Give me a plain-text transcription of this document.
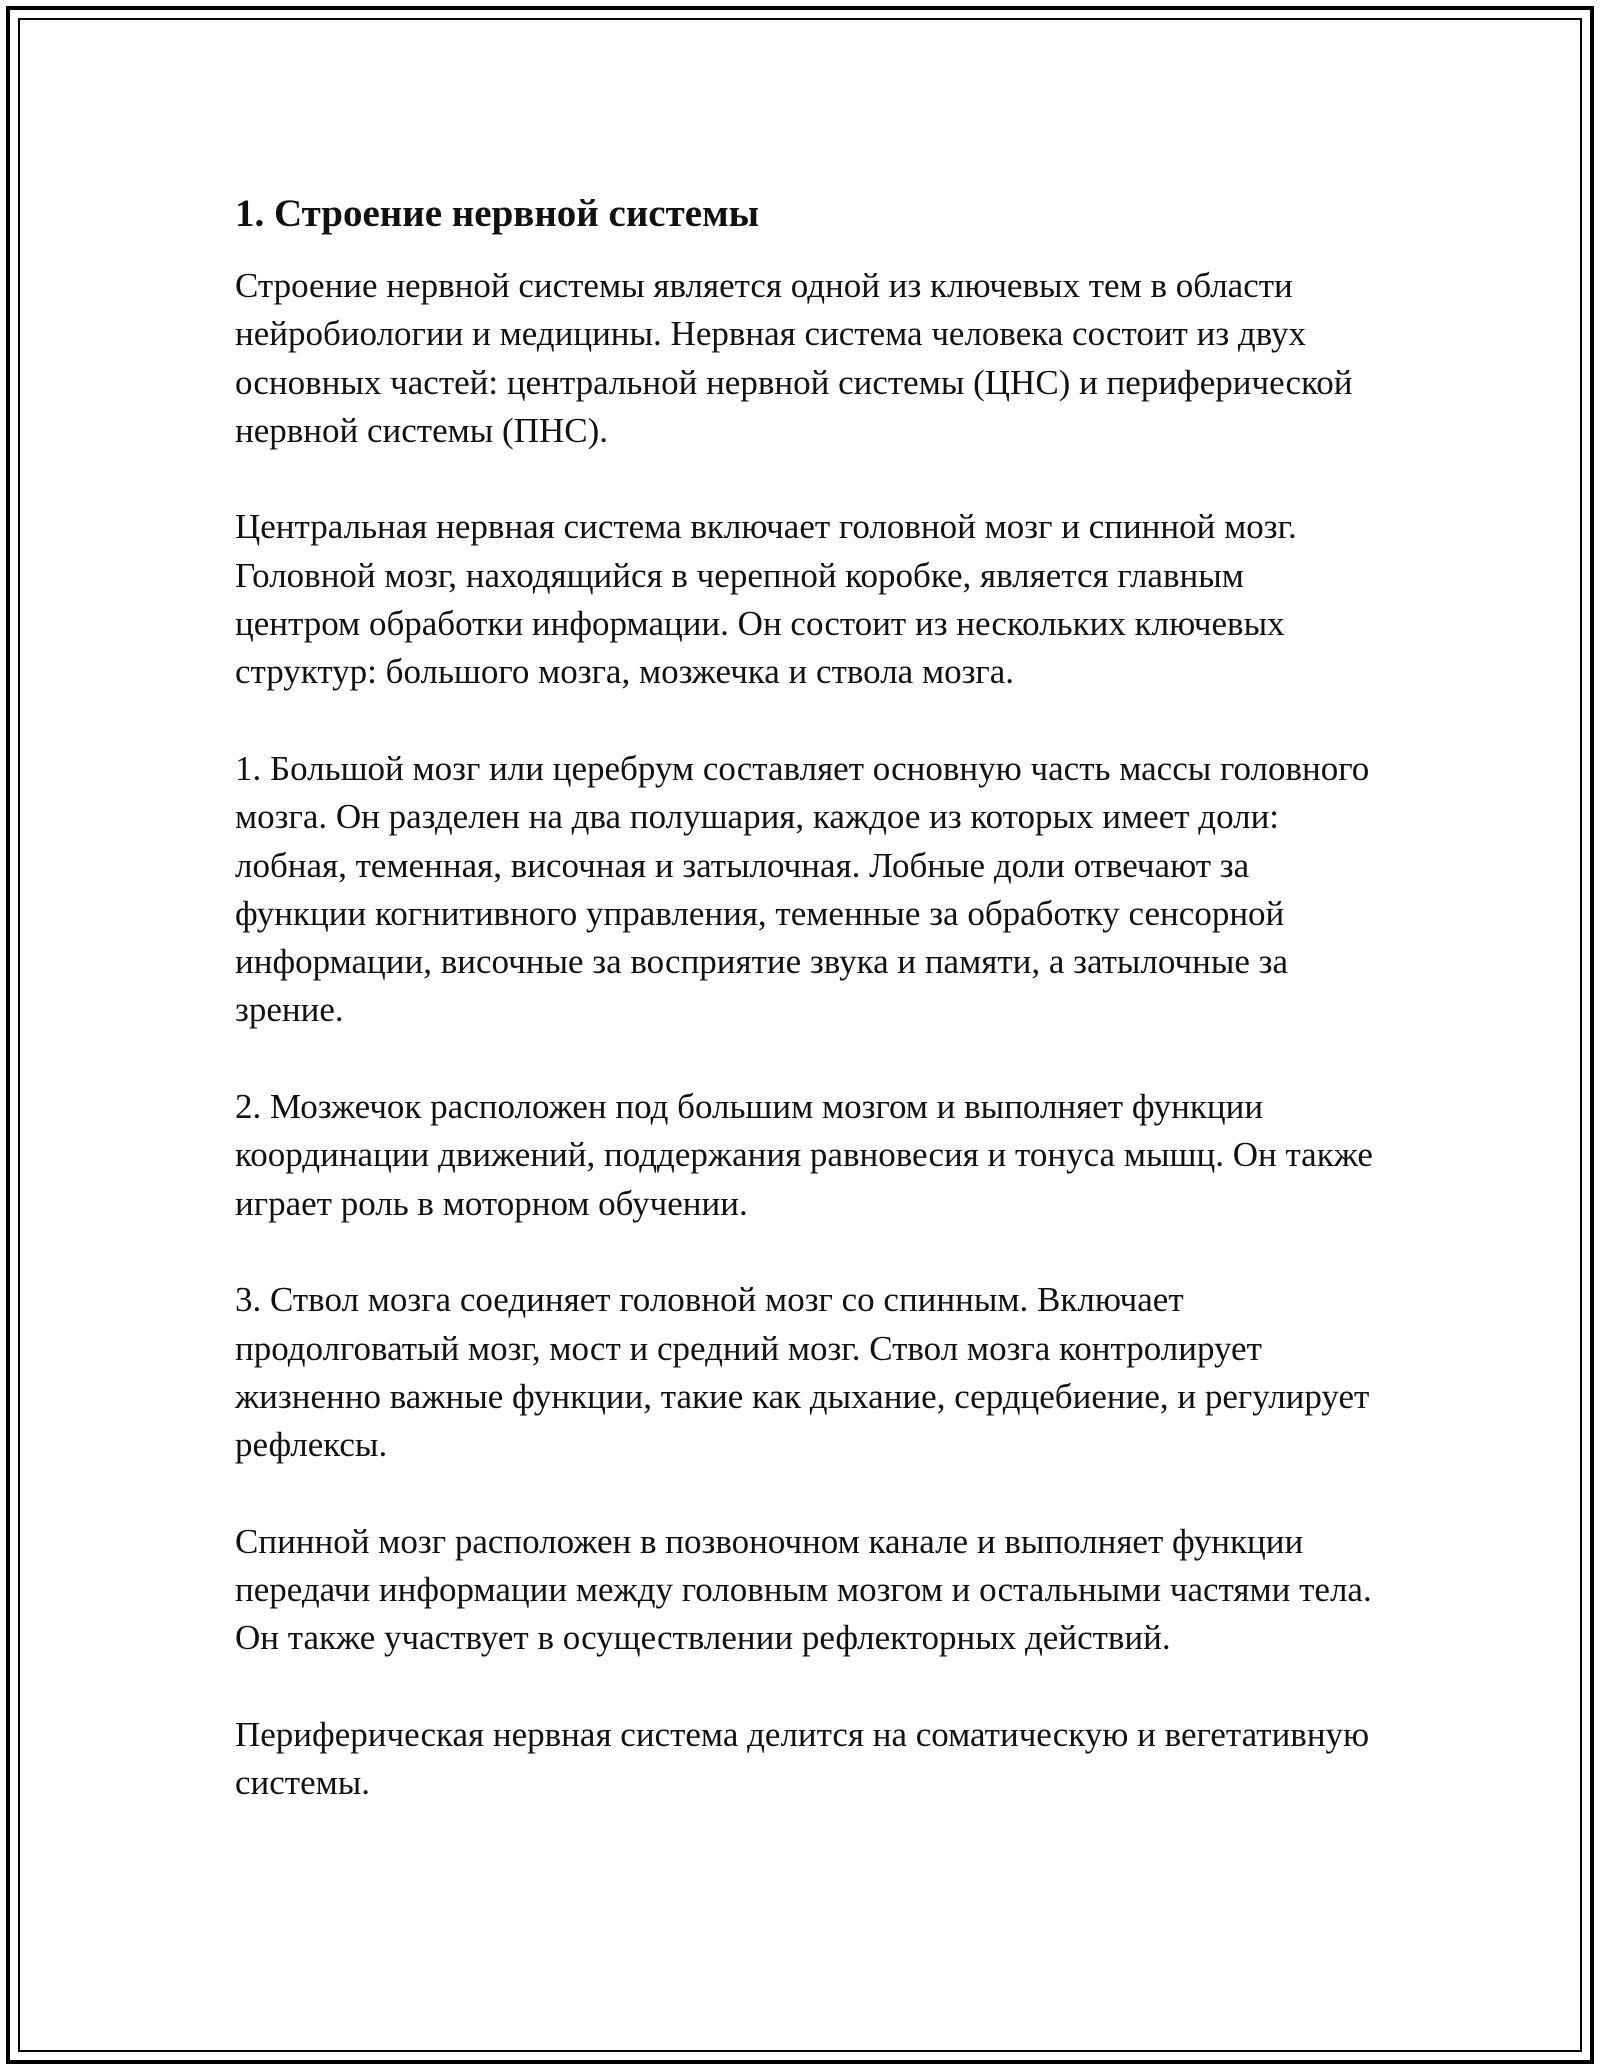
1. Строение нервной системы

Строение нервной системы является одной из ключевых тем в области нейробиологии и медицины. Нервная система человека состоит из двух основных частей: центральной нервной системы (ЦНС) и периферической нервной системы (ПНС).

Центральная нервная система включает головной мозг и спинной мозг. Головной мозг, находящийся в черепной коробке, является главным центром обработки информации. Он состоит из нескольких ключевых структур: большого мозга, мозжечка и ствола мозга.

1. Большой мозг или церебрум составляет основную часть массы головного мозга. Он разделен на два полушария, каждое из которых имеет доли: лобная, теменная, височная и затылочная. Лобные доли отвечают за функции когнитивного управления, теменные за обработку сенсорной информации, височные за восприятие звука и памяти, а затылочные за зрение.

2. Мозжечок расположен под большим мозгом и выполняет функции координации движений, поддержания равновесия и тонуса мышц. Он также играет роль в моторном обучении.

3. Ствол мозга соединяет головной мозг со спинным. Включает продолговатый мозг, мост и средний мозг. Ствол мозга контролирует жизненно важные функции, такие как дыхание, сердцебиение, и регулирует рефлексы.

Спинной мозг расположен в позвоночном канале и выполняет функции передачи информации между головным мозгом и остальными частями тела. Он также участвует в осуществлении рефлекторных действий.

Периферическая нервная система делится на соматическую и вегетативную системы.
